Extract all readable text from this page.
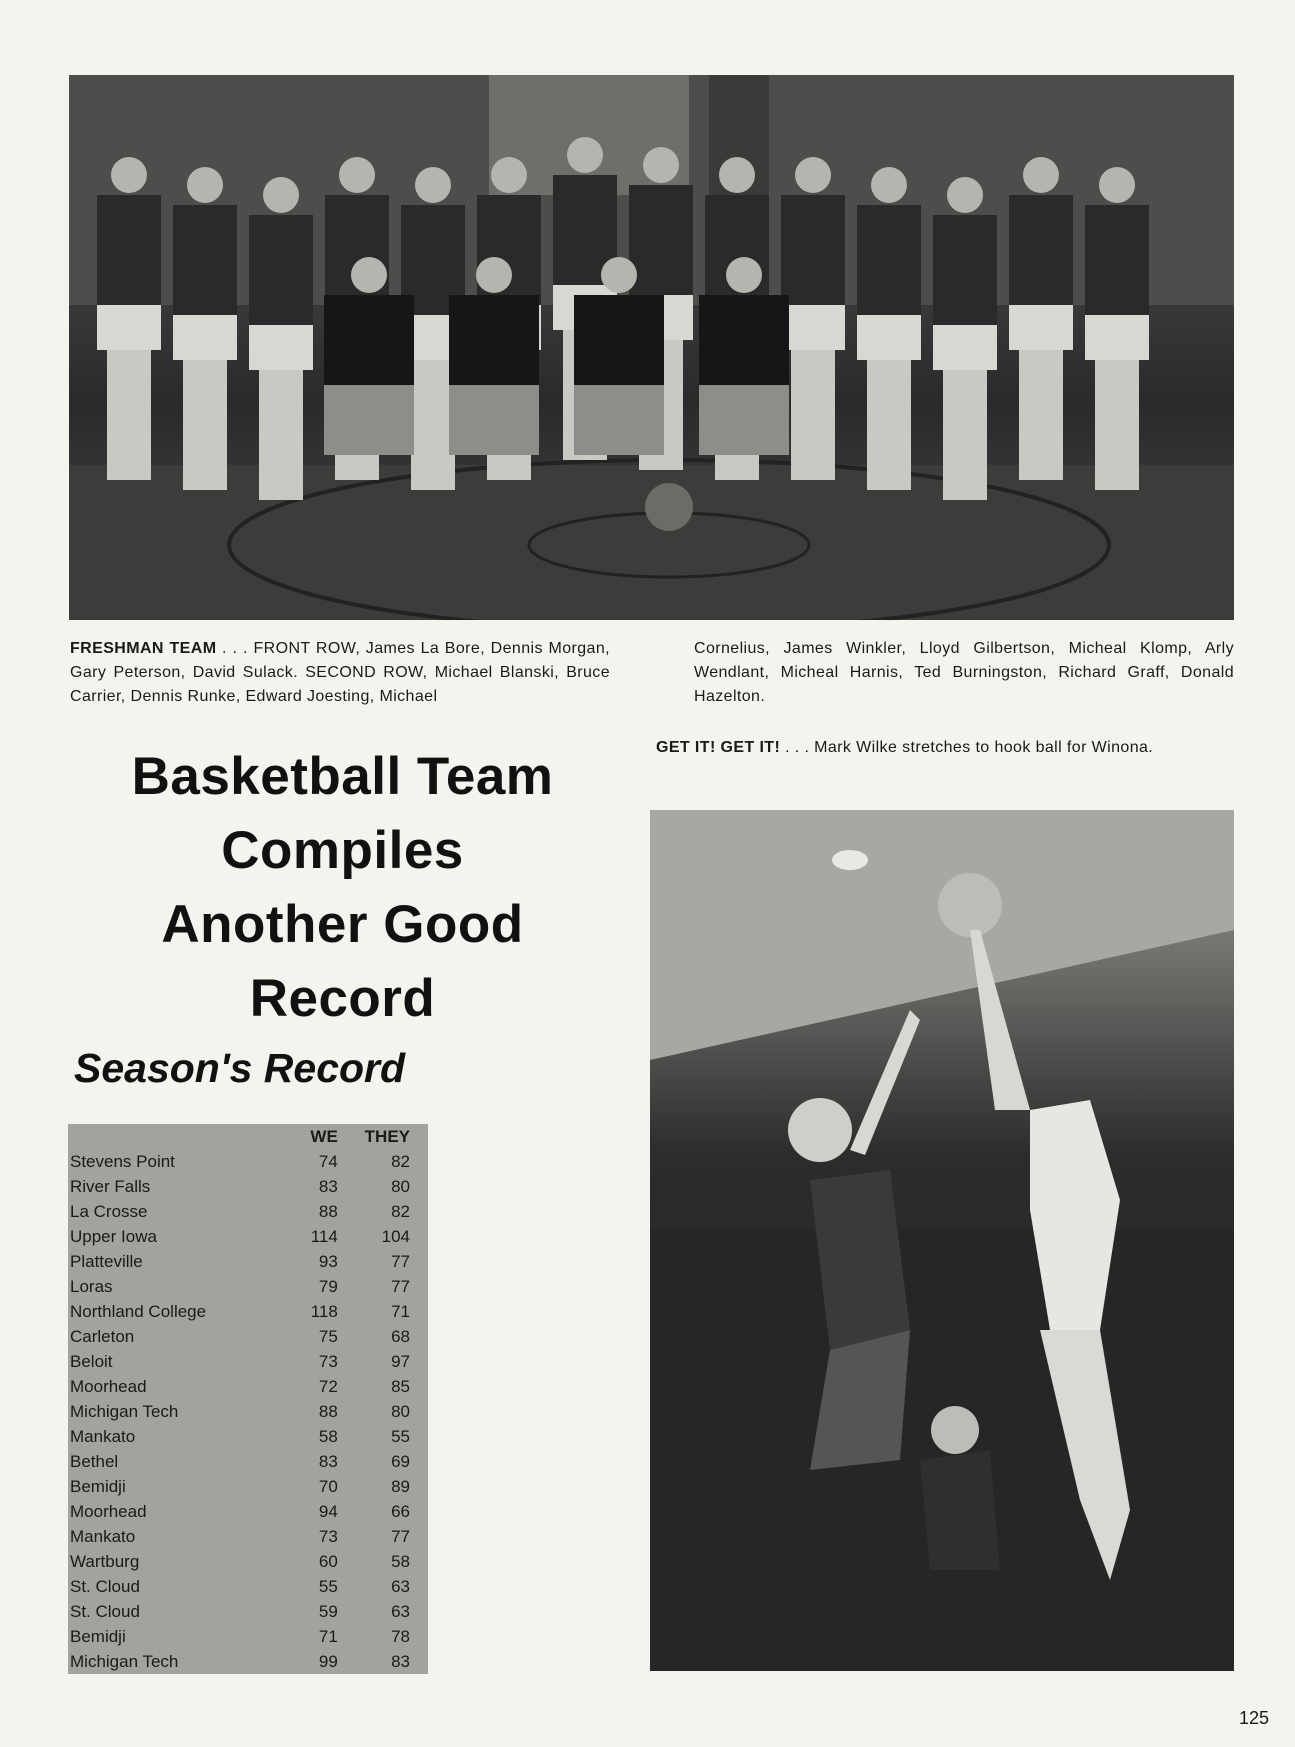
FRESHMAN TEAM . . . FRONT ROW, James La Bore, Dennis Morgan, Gary Peterson, David Sulack. SECOND ROW, Michael Blanski, Bruce Carrier, Dennis Runke, Edward Joesting, Michael
Cornelius, James Winkler, Lloyd Gilbertson, Micheal Klomp, Arly Wendlant, Micheal Harnis, Ted Burningston, Richard Graff, Donald Hazelton.
GET IT! GET IT! . . . Mark Wilke stretches to hook ball for Winona.
Basketball Team
Compiles
Another Good
Record
Season's Record
	WE	THEY
Stevens Point	74	82
River Falls	83	80
La Crosse	88	82
Upper Iowa	114	104
Platteville	93	77
Loras	79	77
Northland College	118	71
Carleton	75	68
Beloit	73	97
Moorhead	72	85
Michigan Tech	88	80
Mankato	58	55
Bethel	83	69
Bemidji	70	89
Moorhead	94	66
Mankato	73	77
Wartburg	60	58
St. Cloud	55	63
St. Cloud	59	63
Bemidji	71	78
Michigan Tech	99	83
125
